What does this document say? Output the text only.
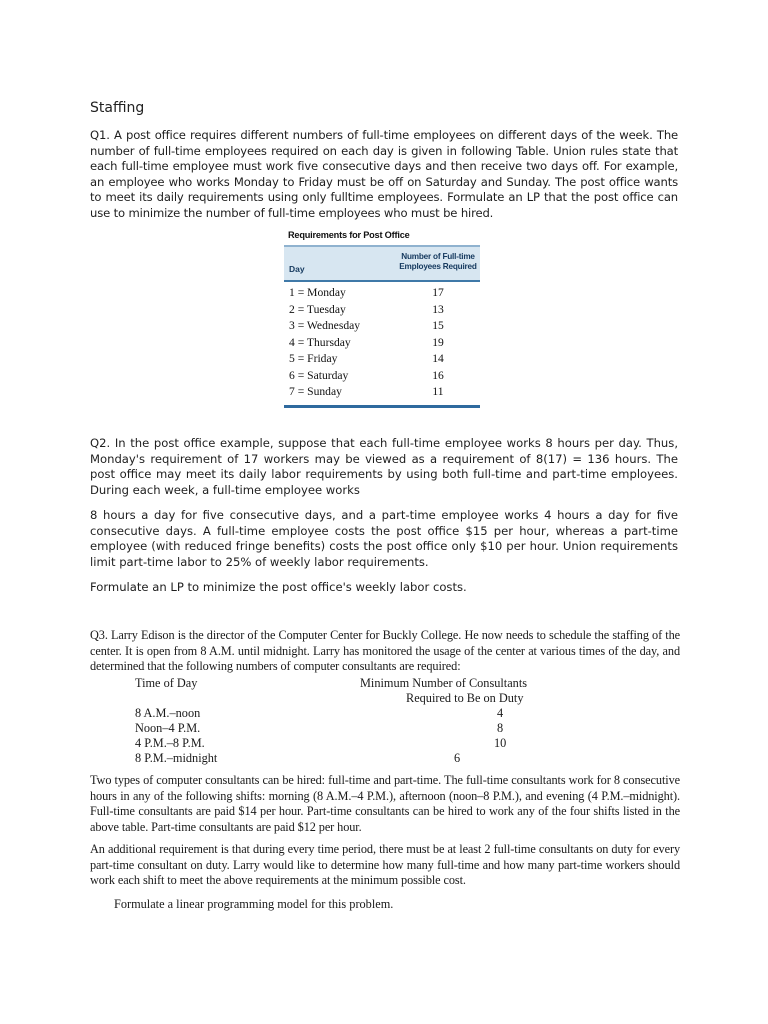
Staffing
Q1. A post office requires different numbers of full-time employees on different days of the week. The number of full-time employees required on each day is given in following Table. Union rules state that each full-time employee must work five consecutive days and then receive two days off. For example, an employee who works Monday to Friday must be off on Saturday and Sunday. The post office wants to meet its daily requirements using only fulltime employees. Formulate an LP that the post office can use to minimize the number of full-time employees who must be hired.
Requirements for Post Office
Day
Number of Full-time
Employees Required
1 = Monday	17
2 = Tuesday	13
3 = Wednesday	15
4 = Thursday	19
5 = Friday	14
6 = Saturday	16
7 = Sunday	11
Q2. In the post office example, suppose that each full-time employee works 8 hours per day. Thus, Monday's requirement of 17 workers may be viewed as a requirement of 8(17) = 136 hours. The post office may meet its daily labor requirements by using both full-time and part-time employees. During each week, a full-time employee works
8 hours a day for five consecutive days, and a part-time employee works 4 hours a day for five consecutive days. A full-time employee costs the post office $15 per hour, whereas a part-time employee (with reduced fringe benefits) costs the post office only $10 per hour. Union requirements limit part-time labor to 25% of weekly labor requirements.
Formulate an LP to minimize the post office's weekly labor costs.
Q3. Larry Edison is the director of the Computer Center for Buckly College. He now needs to schedule the staffing of the center. It is open from 8 A.M. until midnight. Larry has monitored the usage of the center at various times of the day, and determined that the following numbers of computer consultants are required:
Time of Day	Minimum Number of Consultants
Required to Be on Duty
8 A.M.–noon	4
Noon–4 P.M.	8
4 P.M.–8 P.M.	10
8 P.M.–midnight	6
Two types of computer consultants can be hired: full-time and part-time. The full-time consultants work for 8 consecutive hours in any of the following shifts: morning (8 A.M.–4 P.M.), afternoon (noon–8 P.M.), and evening (4 P.M.–midnight). Full-time consultants are paid $14 per hour. Part-time consultants can be hired to work any of the four shifts listed in the above table. Part-time consultants are paid $12 per hour.
An additional requirement is that during every time period, there must be at least 2 full-time consultants on duty for every part-time consultant on duty. Larry would like to determine how many full-time and how many part-time workers should work each shift to meet the above requirements at the minimum possible cost.
Formulate a linear programming model for this problem.
